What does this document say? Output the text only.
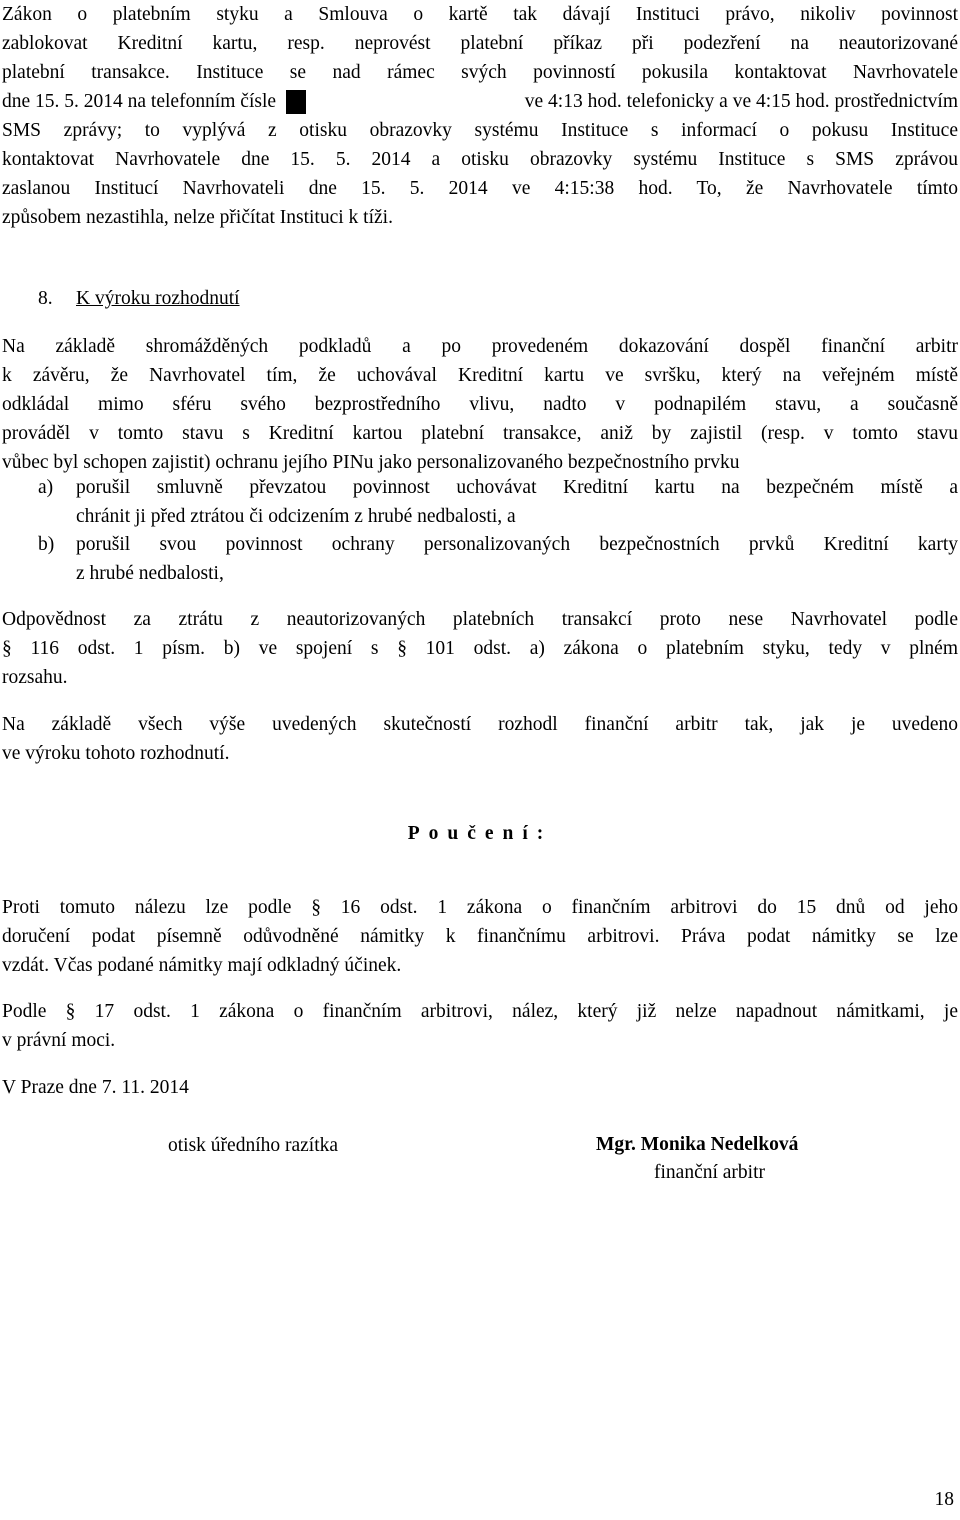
Zákon o platebním styku a Smlouva o kartě tak dávají Instituci právo, nikoliv povinnost
zablokovat Kreditní kartu, resp. neprovést platební příkaz při podezření na neautorizované
platební transakce. Instituce se nad rámec svých povinností pokusila kontaktovat Navrhovatele
dne 15. 5. 2014 na telefonním čísle	ve 4:13 hod. telefonicky a ve 4:15 hod. prostřednictvím
SMS zprávy; to vyplývá z otisku obrazovky systému Instituce s informací o pokusu Instituce
kontaktovat Navrhovatele dne 15. 5. 2014 a otisku obrazovky systému Instituce s SMS zprávou
zaslanou Institucí Navrhovateli dne 15. 5. 2014 ve 4:15:38 hod. To, že Navrhovatele tímto
způsobem nezastihla, nelze přičítat Instituci k tíži.
8. K výroku rozhodnutí
Na základě shromážděných podkladů a po provedeném dokazování dospěl finanční arbitr
k závěru, že Navrhovatel tím, že uchovával Kreditní kartu ve svršku, který na veřejném místě
odkládal mimo sféru svého bezprostředního vlivu, nadto v podnapilém stavu, a současně
prováděl v tomto stavu s Kreditní kartou platební transakce, aniž by zajistil (resp. v tomto stavu
vůbec byl schopen zajistit) ochranu jejího PINu jako personalizovaného bezpečnostního prvku
a) porušil smluvně převzatou povinnost uchovávat Kreditní kartu na bezpečném místě a
chránit ji před ztrátou či odcizením z hrubé nedbalosti, a
b) porušil svou povinnost ochrany personalizovaných bezpečnostních prvků Kreditní karty
z hrubé nedbalosti,
Odpovědnost za ztrátu z neautorizovaných platebních transakcí proto nese Navrhovatel podle
§ 116 odst. 1 písm. b) ve spojení s § 101 odst. a) zákona o platebním styku, tedy v plném
rozsahu.
Na základě všech výše uvedených skutečností rozhodl finanční arbitr tak, jak je uvedeno
ve výroku tohoto rozhodnutí.
Poučení:
Proti tomuto nálezu lze podle § 16 odst. 1 zákona o finančním arbitrovi do 15 dnů od jeho
doručení podat písemně odůvodněné námitky k finančnímu arbitrovi. Práva podat námitky se lze
vzdát. Včas podané námitky mají odkladný účinek.
Podle § 17 odst. 1 zákona o finančním arbitrovi, nález, který již nelze napadnout námitkami, je
v právní moci.
V Praze dne 7. 11. 2014
otisk úředního razítka	Mgr. Monika Nedelková
finanční arbitr
18
